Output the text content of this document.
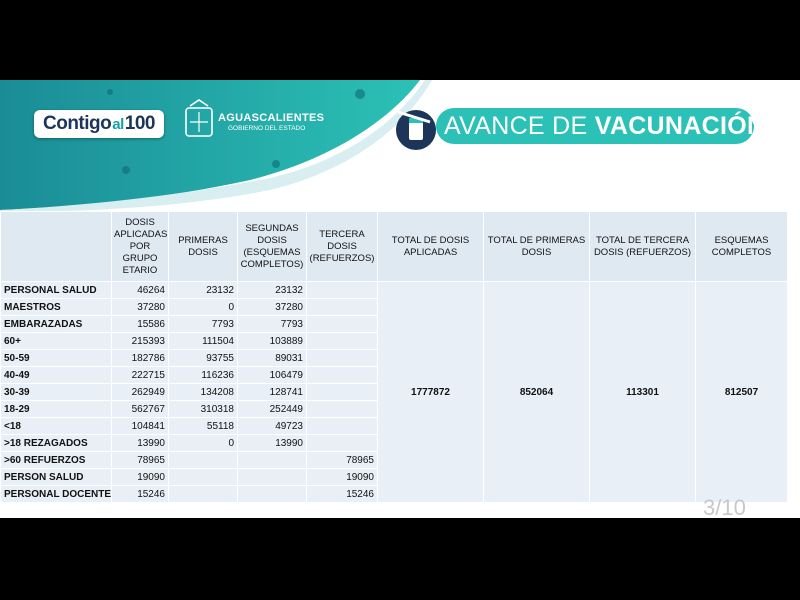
Contigo al 100	AGUASCALIENTES
GOBIERNO DEL ESTADO	AVANCE DE VACUNACIÓN
	DOSIS APLICADAS POR GRUPO ETARIO	PRIMERAS DOSIS	SEGUNDAS DOSIS (ESQUEMAS COMPLETOS)	TERCERA DOSIS (REFUERZOS)	TOTAL DE DOSIS APLICADAS	TOTAL DE PRIMERAS DOSIS	TOTAL DE TERCERA DOSIS (REFUERZOS)	ESQUEMAS COMPLETOS
PERSONAL SALUD	46264	23132	23132		1777872	852064	113301	812507
MAESTROS	37280	0	37280					
EMBARAZADAS	15586	7793	7793					
60+	215393	111504	103889					
50-59	182786	93755	89031					
40-49	222715	116236	106479					
30-39	262949	134208	128741					
18-29	562767	310318	252449					
<18	104841	55118	49723					
>18 REZAGADOS	13990	0	13990					
>60 REFUERZOS	78965			78965				
PERSON SALUD	19090			19090				
PERSONAL DOCENTE	15246			15246				
3/10
